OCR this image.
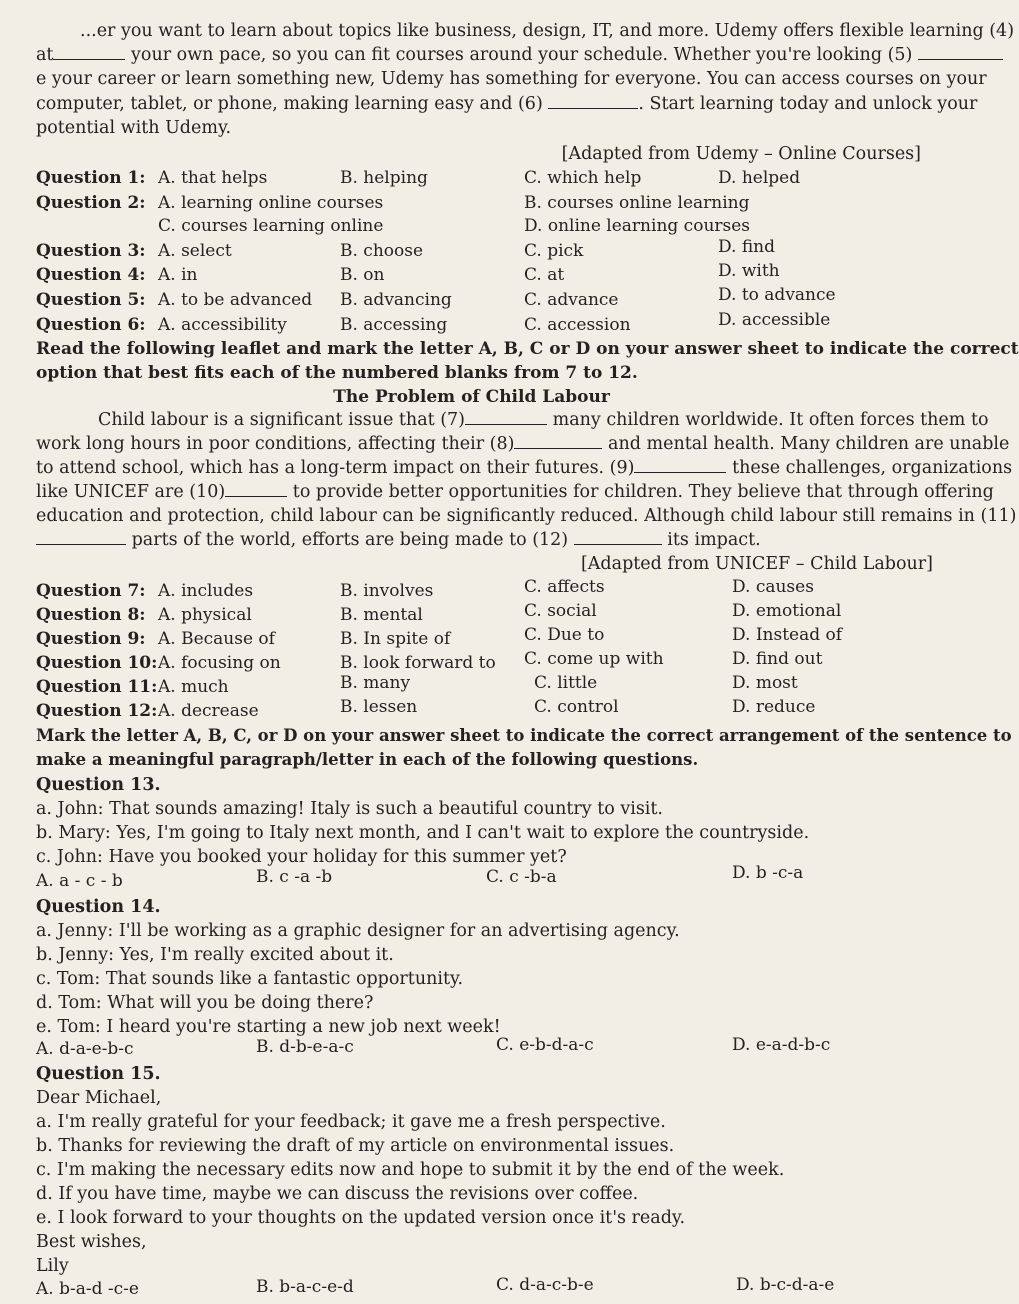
...er you want to learn about topics like business, design, IT, and more. Udemy offers flexible learning (4)
at	your own pace, so you can fit courses around your schedule. Whether you're looking (5)
e your career or learn something new, Udemy has something for everyone. You can access courses on your
computer, tablet, or phone, making learning easy and (6)	. Start learning today and unlock your
potential with Udemy.
[Adapted from Udemy – Online Courses]
Question 1: A. that helps	B. helping	C. which help	D. helped
Question 2: A. learning online courses	B. courses online learning
C. courses learning online	D. online learning courses
Question 3: A. select	B. choose	C. pick	D. find
Question 4: A. in	B. on	C. at	D. with
Question 5: A. to be advanced B. advancing	C. advance	D. to advance
Question 6: A. accessibility	B. accessing	C. accession	D. accessible
Read the following leaflet and mark the letter A, B, C or D on your answer sheet to indicate the correct
option that best fits each of the numbered blanks from 7 to 12.
The Problem of Child Labour
Child labour is a significant issue that (7)	many children worldwide. It often forces them to
work long hours in poor conditions, affecting their (8)	and mental health. Many children are unable
to attend school, which has a long-term impact on their futures. (9)	these challenges, organizations
like UNICEF are (10)	to provide better opportunities for children. They believe that through offering
education and protection, child labour can be significantly reduced. Although child labour still remains in (11)
parts of the world, efforts are being made to (12)	its impact.
[Adapted from UNICEF – Child Labour]
Question 7: A. includes	B. involves	C. affects	D. causes
Question 8: A. physical	B. mental	C. social	D. emotional
Question 9: A. Because of	B. In spite of	C. Due to	D. Instead of
Question 10: A. focusing on	B. look forward to C. come up with	D. find out
Question 11: A. much	B. many	C. little	D. most
Question 12: A. decrease	B. lessen	C. control	D. reduce
Mark the letter A, B, C, or D on your answer sheet to indicate the correct arrangement of the sentence to
make a meaningful paragraph/letter in each of the following questions.
Question 13.
a. John: That sounds amazing! Italy is such a beautiful country to visit.
b. Mary: Yes, I'm going to Italy next month, and I can't wait to explore the countryside.
c. John: Have you booked your holiday for this summer yet?
A. a - c - b	B. c -a -b	C. c -b-a	D. b -c-a
Question 14.
a. Jenny: I'll be working as a graphic designer for an advertising agency.
b. Jenny: Yes, I'm really excited about it.
c. Tom: That sounds like a fantastic opportunity.
d. Tom: What will you be doing there?
e. Tom: I heard you're starting a new job next week!
A. d-a-e-b-c	B. d-b-e-a-c	C. e-b-d-a-c	D. e-a-d-b-c
Question 15.
Dear Michael,
a. I'm really grateful for your feedback; it gave me a fresh perspective.
b. Thanks for reviewing the draft of my article on environmental issues.
c. I'm making the necessary edits now and hope to submit it by the end of the week.
d. If you have time, maybe we can discuss the revisions over coffee.
e. I look forward to your thoughts on the updated version once it's ready.
Best wishes,
Lily
A. b-a-d -c-e	B. b-a-c-e-d	C. d-a-c-b-e	D. b-c-d-a-e
